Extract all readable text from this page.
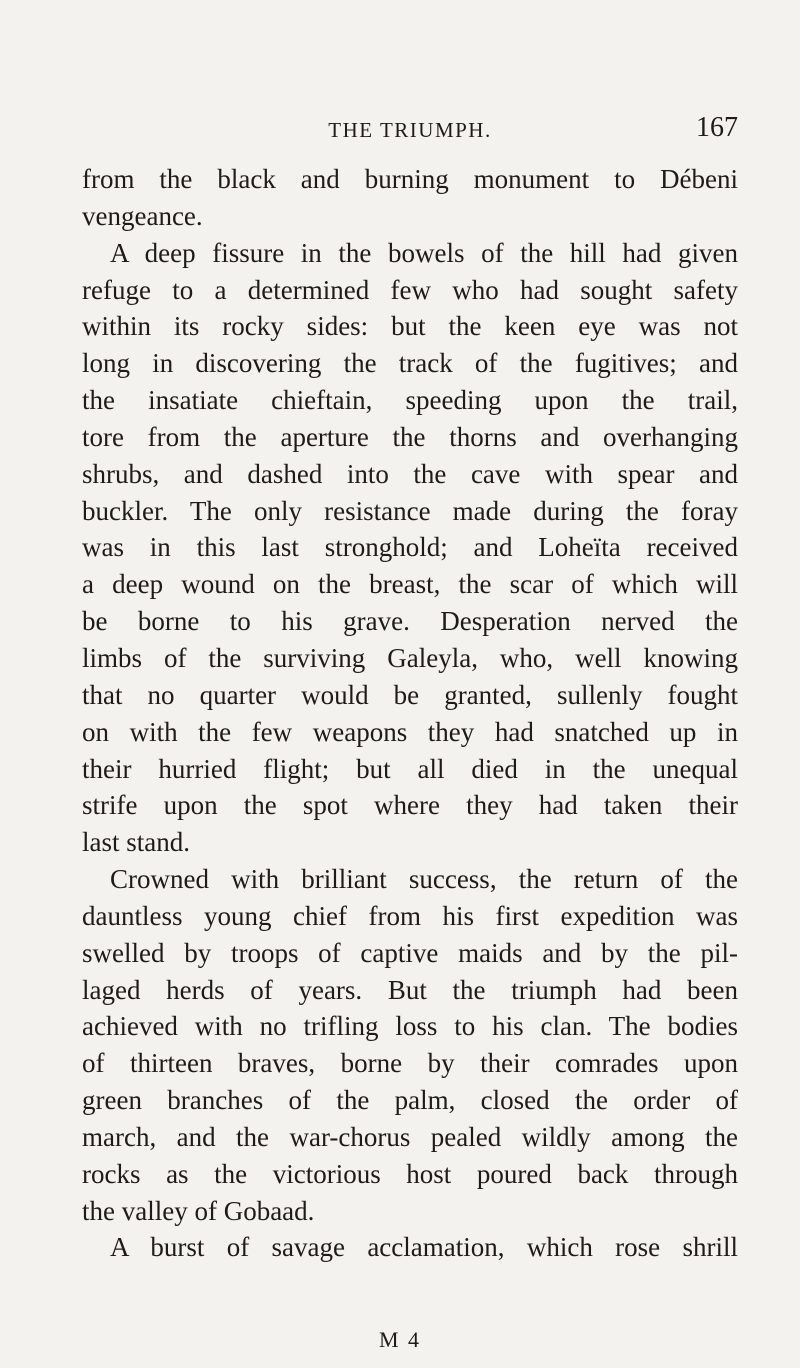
THE TRIUMPH.	167
from the black and burning monument to Débeni
vengeance.
A deep fissure in the bowels of the hill had given
refuge to a determined few who had sought safety
within its rocky sides: but the keen eye was not
long in discovering the track of the fugitives; and
the insatiate chieftain, speeding upon the trail,
tore from the aperture the thorns and overhanging
shrubs, and dashed into the cave with spear and
buckler. The only resistance made during the foray
was in this last stronghold; and Loheïta received
a deep wound on the breast, the scar of which will
be borne to his grave. Desperation nerved the
limbs of the surviving Galeyla, who, well knowing
that no quarter would be granted, sullenly fought
on with the few weapons they had snatched up in
their hurried flight; but all died in the unequal
strife upon the spot where they had taken their
last stand.
Crowned with brilliant success, the return of the
dauntless young chief from his first expedition was
swelled by troops of captive maids and by the pil-
laged herds of years. But the triumph had been
achieved with no trifling loss to his clan. The bodies
of thirteen braves, borne by their comrades upon
green branches of the palm, closed the order of
march, and the war-chorus pealed wildly among the
rocks as the victorious host poured back through
the valley of Gobaad.
A burst of savage acclamation, which rose shrill
M 4
